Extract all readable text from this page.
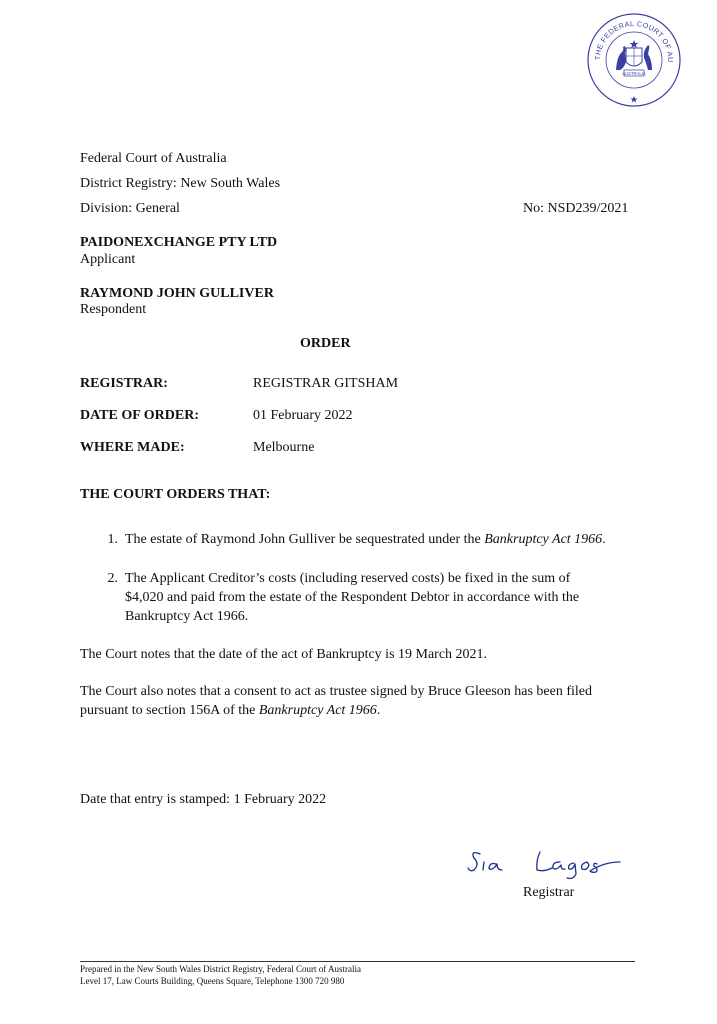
THE FEDERAL COURT OF AU
AUSTRALIA
Federal Court of Australia
District Registry: New South Wales
Division: General	No: NSD239/2021
PAIDONEXCHANGE PTY LTD
Applicant
RAYMOND JOHN GULLIVER
Respondent
ORDER
REGISTRAR:	REGISTRAR GITSHAM
DATE OF ORDER:	01 February 2022
WHERE MADE:	Melbourne
THE COURT ORDERS THAT:
1. The estate of Raymond John Gulliver be sequestrated under the Bankruptcy Act 1966.
2. The Applicant Creditor’s costs (including reserved costs) be fixed in the sum of
$4,020 and paid from the estate of the Respondent Debtor in accordance with the
Bankruptcy Act 1966.
The Court notes that the date of the act of Bankruptcy is 19 March 2021.
The Court also notes that a consent to act as trustee signed by Bruce Gleeson has been filed
pursuant to section 156A of the Bankruptcy Act 1966.
Date that entry is stamped: 1 February 2022
Registrar
Prepared in the New South Wales District Registry, Federal Court of Australia
Level 17, Law Courts Building, Queens Square, Telephone 1300 720 980
